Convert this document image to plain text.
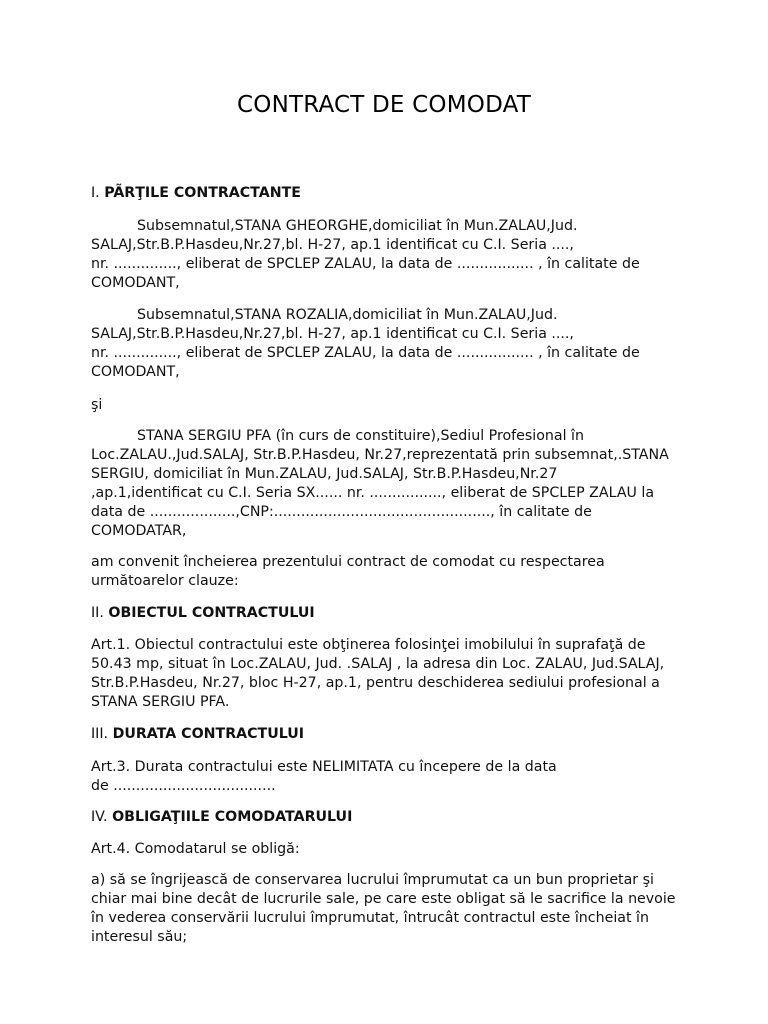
CONTRACT DE COMODAT
I. PÃRŢILE CONTRACTANTE
Subsemnatul,STANA GHEORGHE,domiciliat în Mun.ZALAU,Jud.
SALAJ,Str.B.P.Hasdeu,Nr.27,bl. H-27, ap.1 identificat cu C.I. Seria ....,
nr. .............., eliberat de SPCLEP ZALAU, la data de ................. , în calitate de
COMODANT,
Subsemnatul,STANA ROZALIA,domiciliat în Mun.ZALAU,Jud.
SALAJ,Str.B.P.Hasdeu,Nr.27,bl. H-27, ap.1 identificat cu C.I. Seria ....,
nr. .............., eliberat de SPCLEP ZALAU, la data de ................. , în calitate de
COMODANT,
şi
STANA SERGIU PFA (în curs de constituire),Sediul Profesional în
Loc.ZALAU.,Jud.SALAJ, Str.B.P.Hasdeu, Nr.27,reprezentată prin subsemnat,.STANA
SERGIU, domiciliat în Mun.ZALAU, Jud.SALAJ, Str.B.P.Hasdeu,Nr.27
,ap.1,identificat cu C.I. Seria SX...... nr. ................, eliberat de SPCLEP ZALAU la
data de ...................,CNP:................................................, în calitate de
COMODATAR,
am convenit încheierea prezentului contract de comodat cu respectarea
următoarelor clauze:
II. OBIECTUL CONTRACTULUI
Art.1. Obiectul contractului este obţinerea folosinţei imobilului în suprafaţă de
50.43 mp, situat în Loc.ZALAU, Jud. .SALAJ , la adresa din Loc. ZALAU, Jud.SALAJ,
Str.B.P.Hasdeu, Nr.27, bloc H-27, ap.1, pentru deschiderea sediului profesional a
STANA SERGIU PFA.
III. DURATA CONTRACTULUI
Art.3. Durata contractului este NELIMITATA cu începere de la data
de ....................................
IV. OBLIGAŢIILE COMODATARULUI
Art.4. Comodatarul se obligă:
a) să se îngrijească de conservarea lucrului împrumutat ca un bun proprietar şi
chiar mai bine decât de lucrurile sale, pe care este obligat să le sacrifice la nevoie
în vederea conservării lucrului împrumutat, întrucât contractul este încheiat în
interesul său;
